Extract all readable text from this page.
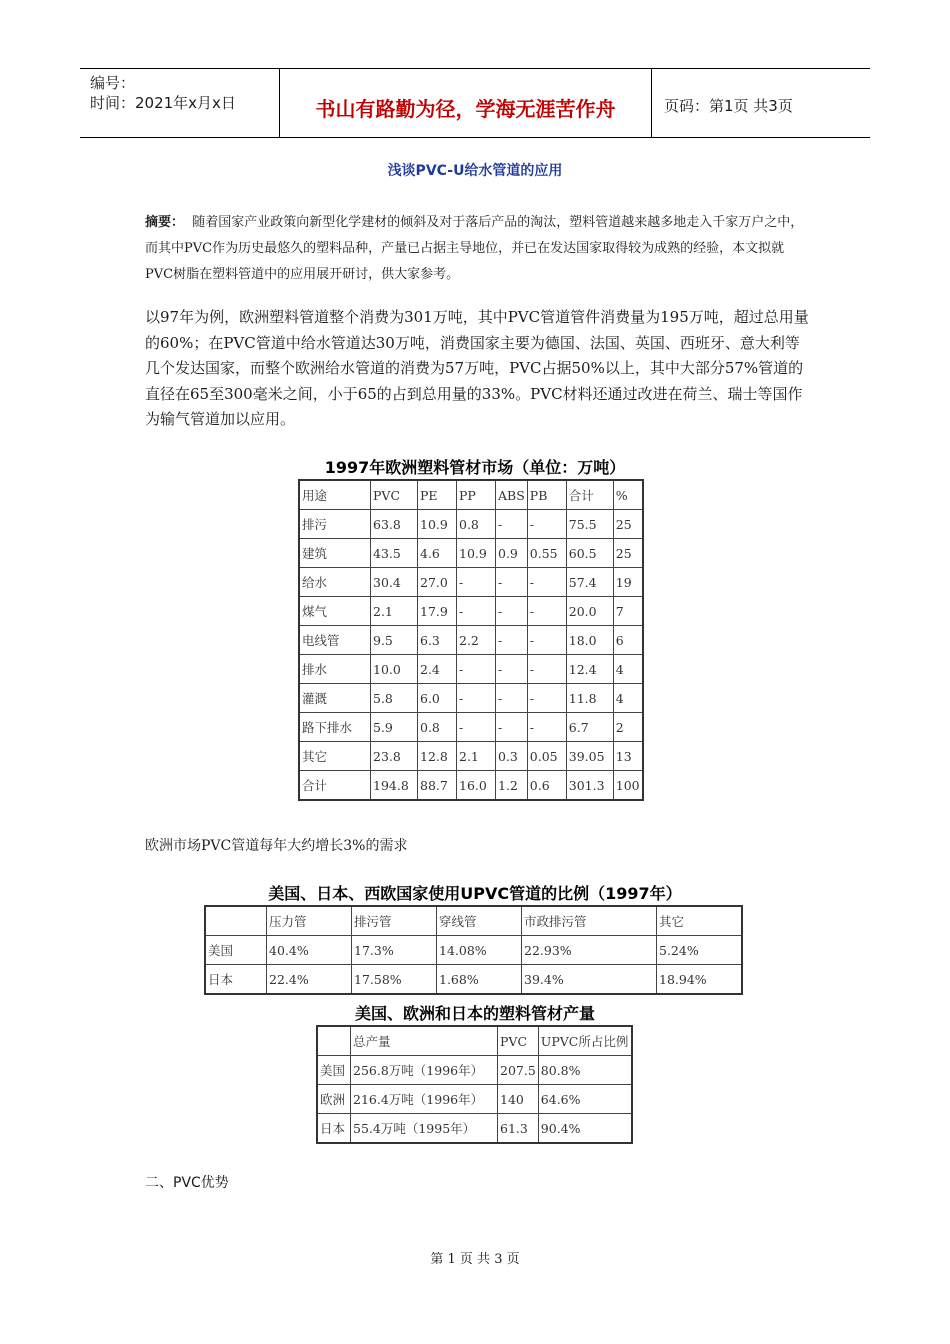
编号：
时间：2021年x月x日	书山有路勤为径，学海无涯苦作舟	页码：第1页 共3页
浅谈PVC-U给水管道的应用
摘要： 随着国家产业政策向新型化学建材的倾斜及对于落后产品的淘汰，塑料管道越来越多地走入千家万户之中，而其中PVC作为历史最悠久的塑料品种，产量已占据主导地位，并已在发达国家取得较为成熟的经验，本文拟就PVC树脂在塑料管道中的应用展开研讨，供大家参考。
以97年为例，欧洲塑料管道整个消费为301万吨，其中PVC管道管件消费量为195万吨，超过总用量的60%；在PVC管道中给水管道达30万吨，消费国家主要为德国、法国、英国、西班牙、意大利等几个发达国家，而整个欧洲给水管道的消费为57万吨，PVC占据50%以上，其中大部分57%管道的直径在65至300毫米之间，小于65的占到总用量的33%。PVC材料还通过改进在荷兰、瑞士等国作为输气管道加以应用。
1997年欧洲塑料管材市场（单位：万吨）
用途	PVC	PE	PP	ABS	PB	合计	%
排污	63.8	10.9	0.8	-	-	75.5	25
建筑	43.5	4.6	10.9	0.9	0.55	60.5	25
给水	30.4	27.0	-	-	-	57.4	19
煤气	2.1	17.9	-	-	-	20.0	7
电线管	9.5	6.3	2.2	-	-	18.0	6
排水	10.0	2.4	-	-	-	12.4	4
灌溉	5.8	6.0	-	-	-	11.8	4
路下排水	5.9	0.8	-	-	-	6.7	2
其它	23.8	12.8	2.1	0.3	0.05	39.05	13
合计	194.8	88.7	16.0	1.2	0.6	301.3	100
欧洲市场PVC管道每年大约增长3%的需求
美国、日本、西欧国家使用UPVC管道的比例（1997年）
	压力管	排污管	穿线管	市政排污管	其它
美国	40.4%	17.3%	14.08%	22.93%	5.24%
日本	22.4%	17.58%	1.68%	39.4%	18.94%
美国、欧洲和日本的塑料管材产量
	总产量	PVC	UPVC所占比例
美国	256.8万吨（1996年）	207.5	80.8%
欧洲	216.4万吨（1996年）	140	64.6%
日本	55.4万吨（1995年）	61.3	90.4%
二、PVC优势
第 1 页 共 3 页
